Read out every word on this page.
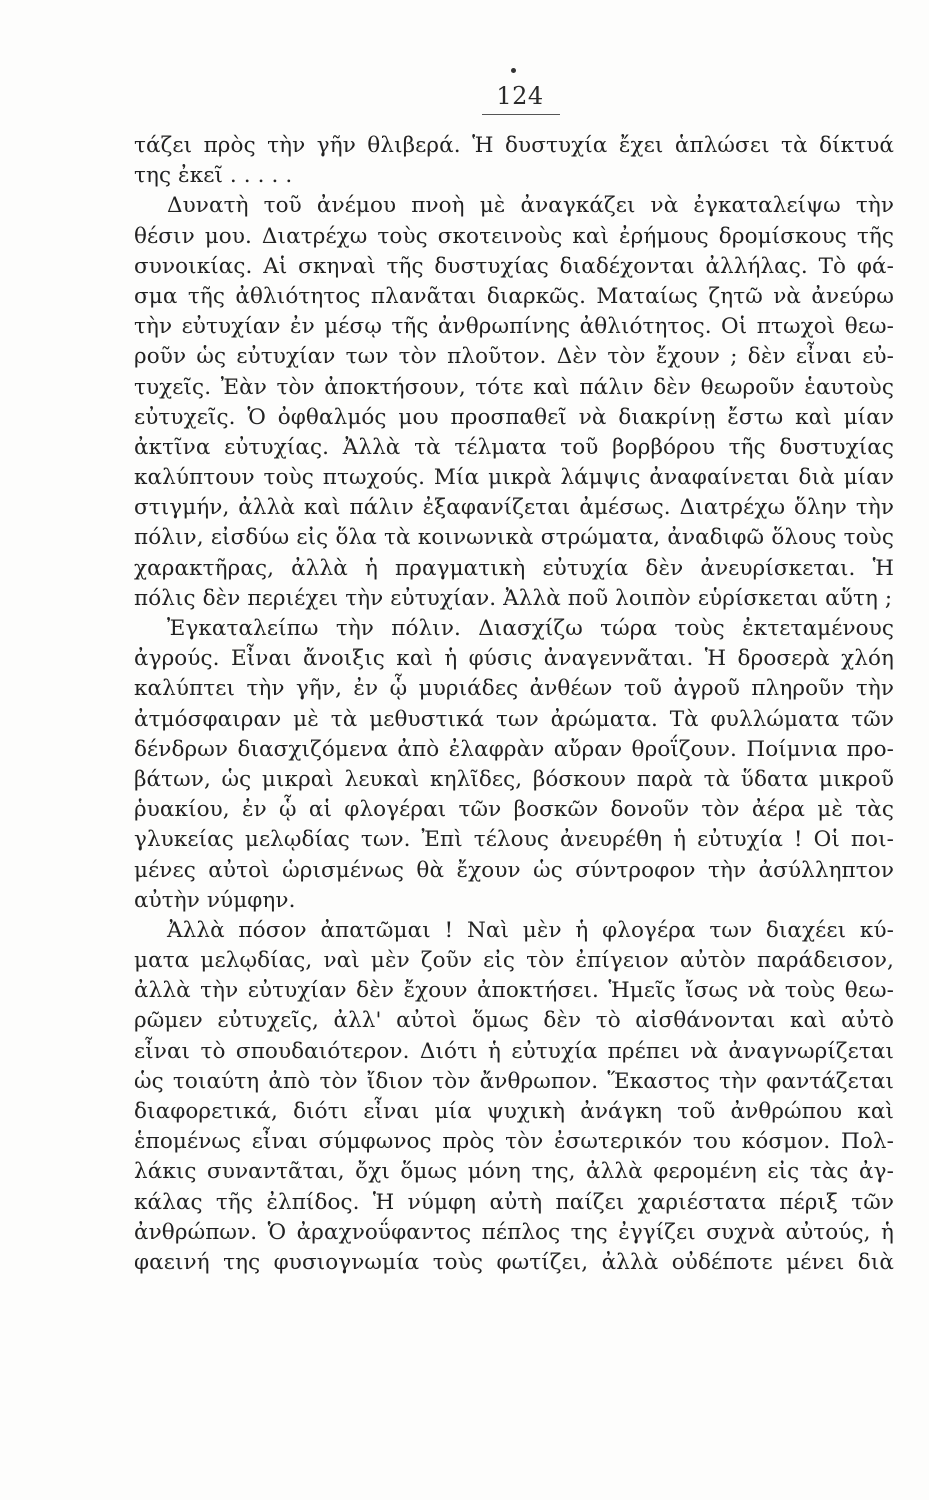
124
τάζει πρὸς τὴν γῆν θλιβερά. Ἡ δυστυχία ἔχει ἁπλώσει τὰ δίκτυά
της ἐκεῖ . . . . .
Δυνατὴ τοῦ ἀνέμου πνοὴ μὲ ἀναγκάζει νὰ ἐγκαταλείψω τὴν
θέσιν μου. Διατρέχω τοὺς σκοτεινοὺς καὶ ἐρήμους δρομίσκους τῆς
συνοικίας. Αἱ σκηναὶ τῆς δυστυχίας διαδέχονται ἀλλήλας. Τὸ φά-
σμα τῆς ἀθλιότητος πλανᾶται διαρκῶς. Ματαίως ζητῶ νὰ ἀνεύρω
τὴν εὐτυχίαν ἐν μέσῳ τῆς ἀνθρωπίνης ἀθλιότητος. Οἱ πτωχοὶ θεω-
ροῦν ὡς εὐτυχίαν των τὸν πλοῦτον. Δὲν τὸν ἔχουν ; δὲν εἶναι εὐ-
τυχεῖς. Ἐὰν τὸν ἀποκτήσουν, τότε καὶ πάλιν δὲν θεωροῦν ἑαυτοὺς
εὐτυχεῖς. Ὁ ὀφθαλμός μου προσπαθεῖ νὰ διακρίνῃ ἔστω καὶ μίαν
ἀκτῖνα εὐτυχίας. Ἀλλὰ τὰ τέλματα τοῦ βορβόρου τῆς δυστυχίας
καλύπτουν τοὺς πτωχούς. Μία μικρὰ λάμψις ἀναφαίνεται διὰ μίαν
στιγμήν, ἀλλὰ καὶ πάλιν ἐξαφανίζεται ἀμέσως. Διατρέχω ὅλην τὴν
πόλιν, εἰσδύω εἰς ὅλα τὰ κοινωνικὰ στρώματα, ἀναδιφῶ ὅλους τοὺς
χαρακτῆρας, ἀλλὰ ἡ πραγματικὴ εὐτυχία δὲν ἀνευρίσκεται. Ἡ
πόλις δὲν περιέχει τὴν εὐτυχίαν. Ἀλλὰ ποῦ λοιπὸν εὑρίσκεται αὕτη ;
Ἐγκαταλείπω τὴν πόλιν. Διασχίζω τώρα τοὺς ἐκτεταμένους
ἀγρούς. Εἶναι ἄνοιξις καὶ ἡ φύσις ἀναγεννᾶται. Ἡ δροσερὰ χλόη
καλύπτει τὴν γῆν, ἐν ᾧ μυριάδες ἀνθέων τοῦ ἀγροῦ πληροῦν τὴν
ἀτμόσφαιραν μὲ τὰ μεθυστικά των ἀρώματα. Τὰ φυλλώματα τῶν
δένδρων διασχιζόμενα ἀπὸ ἐλαφρὰν αὔραν θροΐζουν. Ποίμνια προ-
βάτων, ὡς μικραὶ λευκαὶ κηλῖδες, βόσκουν παρὰ τὰ ὕδατα μικροῦ
ῥυακίου, ἐν ᾧ αἱ φλογέραι τῶν βοσκῶν δονοῦν τὸν ἀέρα μὲ τὰς
γλυκείας μελῳδίας των. Ἐπὶ τέλους ἀνευρέθη ἡ εὐτυχία ! Οἱ ποι-
μένες αὐτοὶ ὡρισμένως θὰ ἔχουν ὡς σύντροφον τὴν ἀσύλληπτον
αὐτὴν νύμφην.
Ἀλλὰ πόσον ἀπατῶμαι ! Ναὶ μὲν ἡ φλογέρα των διαχέει κύ-
ματα μελῳδίας, ναὶ μὲν ζοῦν εἰς τὸν ἐπίγειον αὐτὸν παράδεισον,
ἀλλὰ τὴν εὐτυχίαν δὲν ἔχουν ἀποκτήσει. Ἡμεῖς ἴσως νὰ τοὺς θεω-
ρῶμεν εὐτυχεῖς, ἀλλ' αὐτοὶ ὅμως δὲν τὸ αἰσθάνονται καὶ αὐτὸ
εἶναι τὸ σπουδαιότερον. Διότι ἡ εὐτυχία πρέπει νὰ ἀναγνωρίζεται
ὡς τοιαύτη ἀπὸ τὸν ἴδιον τὸν ἄνθρωπον. Ἕκαστος τὴν φαντάζεται
διαφορετικά, διότι εἶναι μία ψυχικὴ ἀνάγκη τοῦ ἀνθρώπου καὶ
ἑπομένως εἶναι σύμφωνος πρὸς τὸν ἐσωτερικόν του κόσμον. Πολ-
λάκις συναντᾶται, ὄχι ὅμως μόνη της, ἀλλὰ φερομένη εἰς τὰς ἀγ-
κάλας τῆς ἐλπίδος. Ἡ νύμφη αὐτὴ παίζει χαριέστατα πέριξ τῶν
ἀνθρώπων. Ὁ ἀραχνοΰφαντος πέπλος της ἐγγίζει συχνὰ αὐτούς, ἡ
φαεινή της φυσιογνωμία τοὺς φωτίζει, ἀλλὰ οὐδέποτε μένει διὰ
